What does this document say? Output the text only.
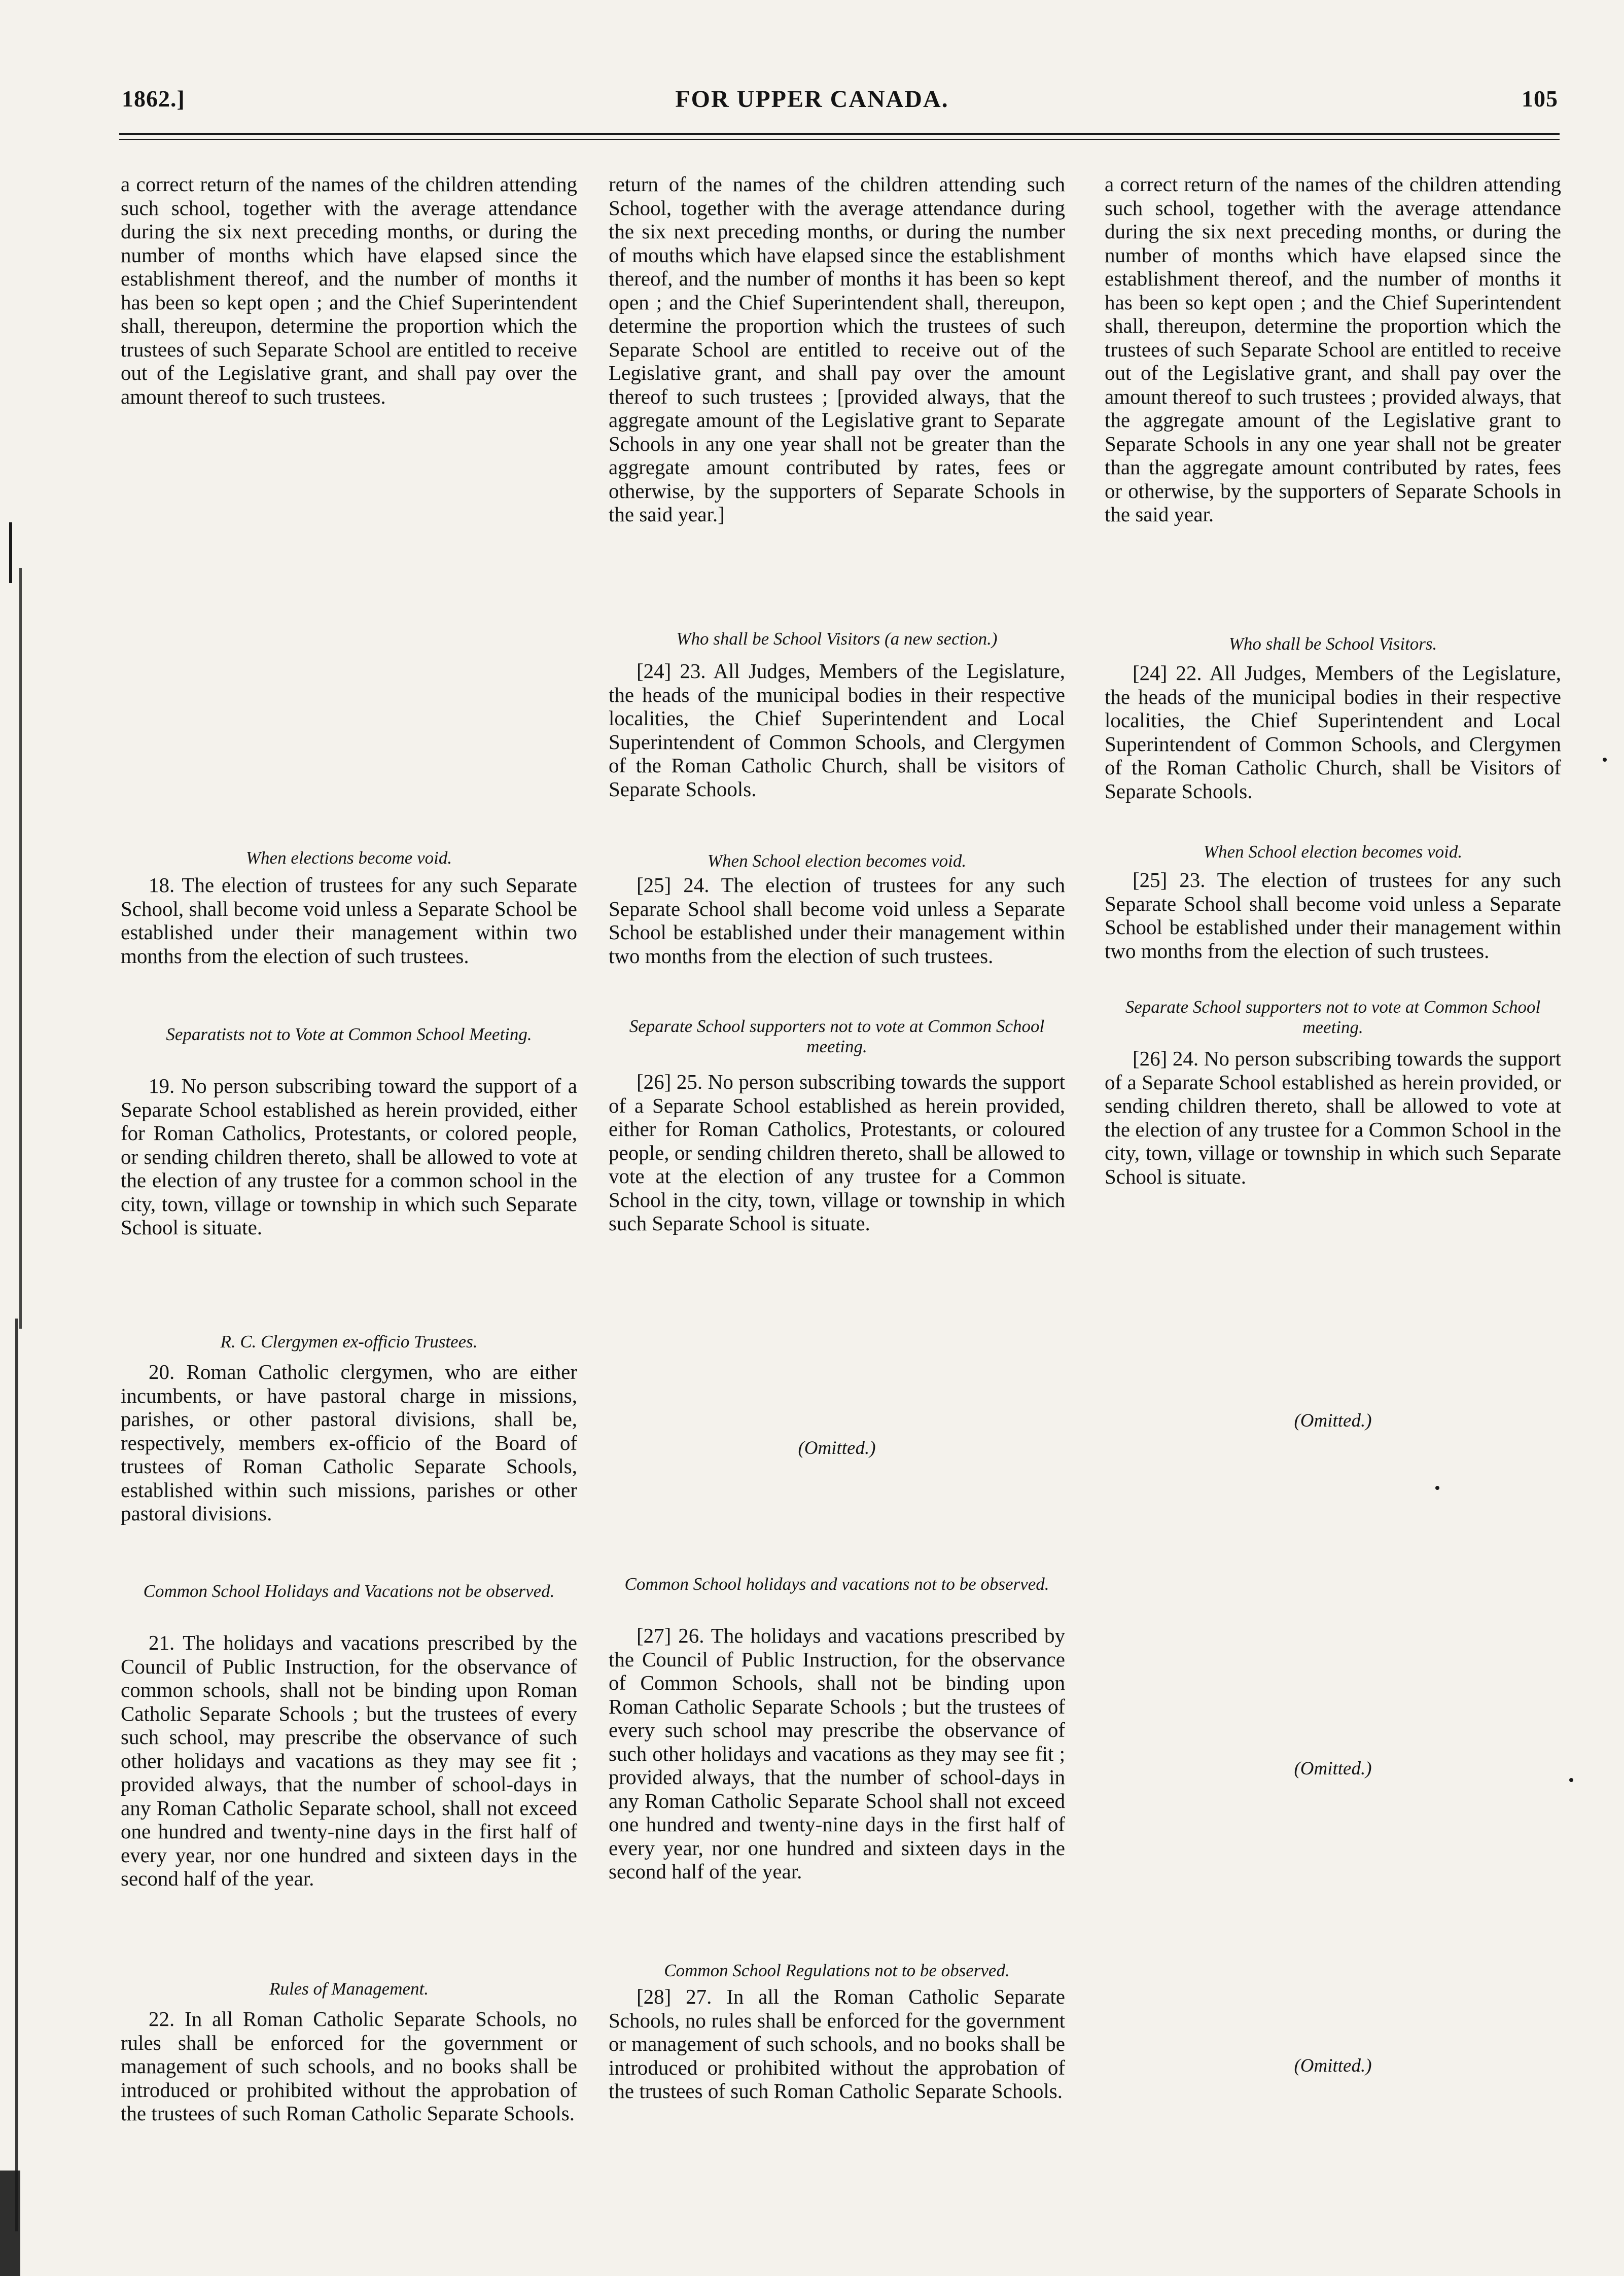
FOR UPPER CANADA.
1862.]	105

a correct return of the names of the children attending such school, together with the average attendance during the six next preceding months, or during the number of months which have elapsed since the establishment thereof, and the number of months it has been so kept open ; and the Chief Superintendent shall, thereupon, determine the proportion which the trustees of such Separate School are entitled to receive out of the Legislative grant, and shall pay over the amount thereof to such trustees.

When elections become void.

18. The election of trustees for any such Separate School, shall become void unless a Separate School be established under their management within two months from the election of such trustees.

Separatists not to Vote at Common School Meeting.

19. No person subscribing toward the support of a Separate School established as herein provided, either for Roman Catholics, Protestants, or colored people, or sending children thereto, shall be allowed to vote at the election of any trustee for a common school in the city, town, village or township in which such Separate School is situate.

R. C. Clergymen ex-officio Trustees.

20. Roman Catholic clergymen, who are either incumbents, or have pastoral charge in missions, parishes, or other pastoral divisions, shall be, respectively, members ex-officio of the Board of trustees of Roman Catholic Separate Schools, established within such missions, parishes or other pastoral divisions.

Common School Holidays and Vacations not be observed.

21. The holidays and vacations prescribed by the Council of Public Instruction, for the observance of common schools, shall not be binding upon Roman Catholic Separate Schools ; but the trustees of every such school, may prescribe the observance of such other holidays and vacations as they may see fit ; provided always, that the number of school-days in any Roman Catholic Separate school, shall not exceed one hundred and twenty-nine days in the first half of every year, nor one hundred and sixteen days in the second half of the year.

Rules of Management.

22. In all Roman Catholic Separate Schools, no rules shall be enforced for the government or management of such schools, and no books shall be introduced or prohibited without the approbation of the trustees of such Roman Catholic Separate Schools.

return of the names of the children attending such School, together with the average attendance during the six next preceding months, or during the number of mouths which have elapsed since the establishment thereof, and the number of months it has been so kept open ; and the Chief Superintendent shall, thereupon, determine the proportion which the trustees of such Separate School are entitled to receive out of the Legislative grant, and shall pay over the amount thereof to such trustees ; [provided always, that the aggregate amount of the Legislative grant to Separate Schools in any one year shall not be greater than the aggregate amount contributed by rates, fees or otherwise, by the supporters of Separate Schools in the said year.]

Who shall be School Visitors (a new section.)

[24] 23. All Judges, Members of the Legislature, the heads of the municipal bodies in their respective localities, the Chief Superintendent and Local Superintendent of Common Schools, and Clergymen of the Roman Catholic Church, shall be visitors of Separate Schools.

When School election becomes void.

[25] 24. The election of trustees for any such Separate School shall become void unless a Separate School be established under their management within two months from the election of such trustees.

Separate School supporters not to vote at Common School meeting.

[26] 25. No person subscribing towards the support of a Separate School established as herein provided, either for Roman Catholics, Protestants, or coloured people, or sending children thereto, shall be allowed to vote at the election of any trustee for a Common School in the city, town, village or township in which such Separate School is situate.

(Omitted.)

Common School holidays and vacations not to be observed.

[27] 26. The holidays and vacations prescribed by the Council of Public Instruction, for the observance of Common Schools, shall not be binding upon Roman Catholic Separate Schools ; but the trustees of every such school may prescribe the observance of such other holidays and vacations as they may see fit ; provided always, that the number of school-days in any Roman Catholic Separate School shall not exceed one hundred and twenty-nine days in the first half of every year, nor one hundred and sixteen days in the second half of the year.

Common School Regulations not to be observed.

[28] 27. In all the Roman Catholic Separate Schools, no rules shall be enforced for the government or management of such schools, and no books shall be introduced or prohibited without the approbation of the trustees of such Roman Catholic Separate Schools.

a correct return of the names of the children attending such school, together with the average attendance during the six next preceding months, or during the number of months which have elapsed since the establishment thereof, and the number of months it has been so kept open ; and the Chief Superintendent shall, thereupon, determine the proportion which the trustees of such Separate School are entitled to receive out of the Legislative grant, and shall pay over the amount thereof to such trustees ; provided always, that the aggregate amount of the Legislative grant to Separate Schools in any one year shall not be greater than the aggregate amount contributed by rates, fees or otherwise, by the supporters of Separate Schools in the said year.

Who shall be School Visitors.

[24] 22. All Judges, Members of the Legislature, the heads of the municipal bodies in their respective localities, the Chief Superintendent and Local Superintendent of Common Schools, and Clergymen of the Roman Catholic Church, shall be Visitors of Separate Schools.

When School election becomes void.

[25] 23. The election of trustees for any such Separate School shall become void unless a Separate School be established under their management within two months from the election of such trustees.

Separate School supporters not to vote at Common School meeting.

[26] 24. No person subscribing towards the support of a Separate School established as herein provided, or sending children thereto, shall be allowed to vote at the election of any trustee for a Common School in the city, town, village or township in which such Separate School is situate.

(Omitted.)

(Omitted.)

(Omitted.)
